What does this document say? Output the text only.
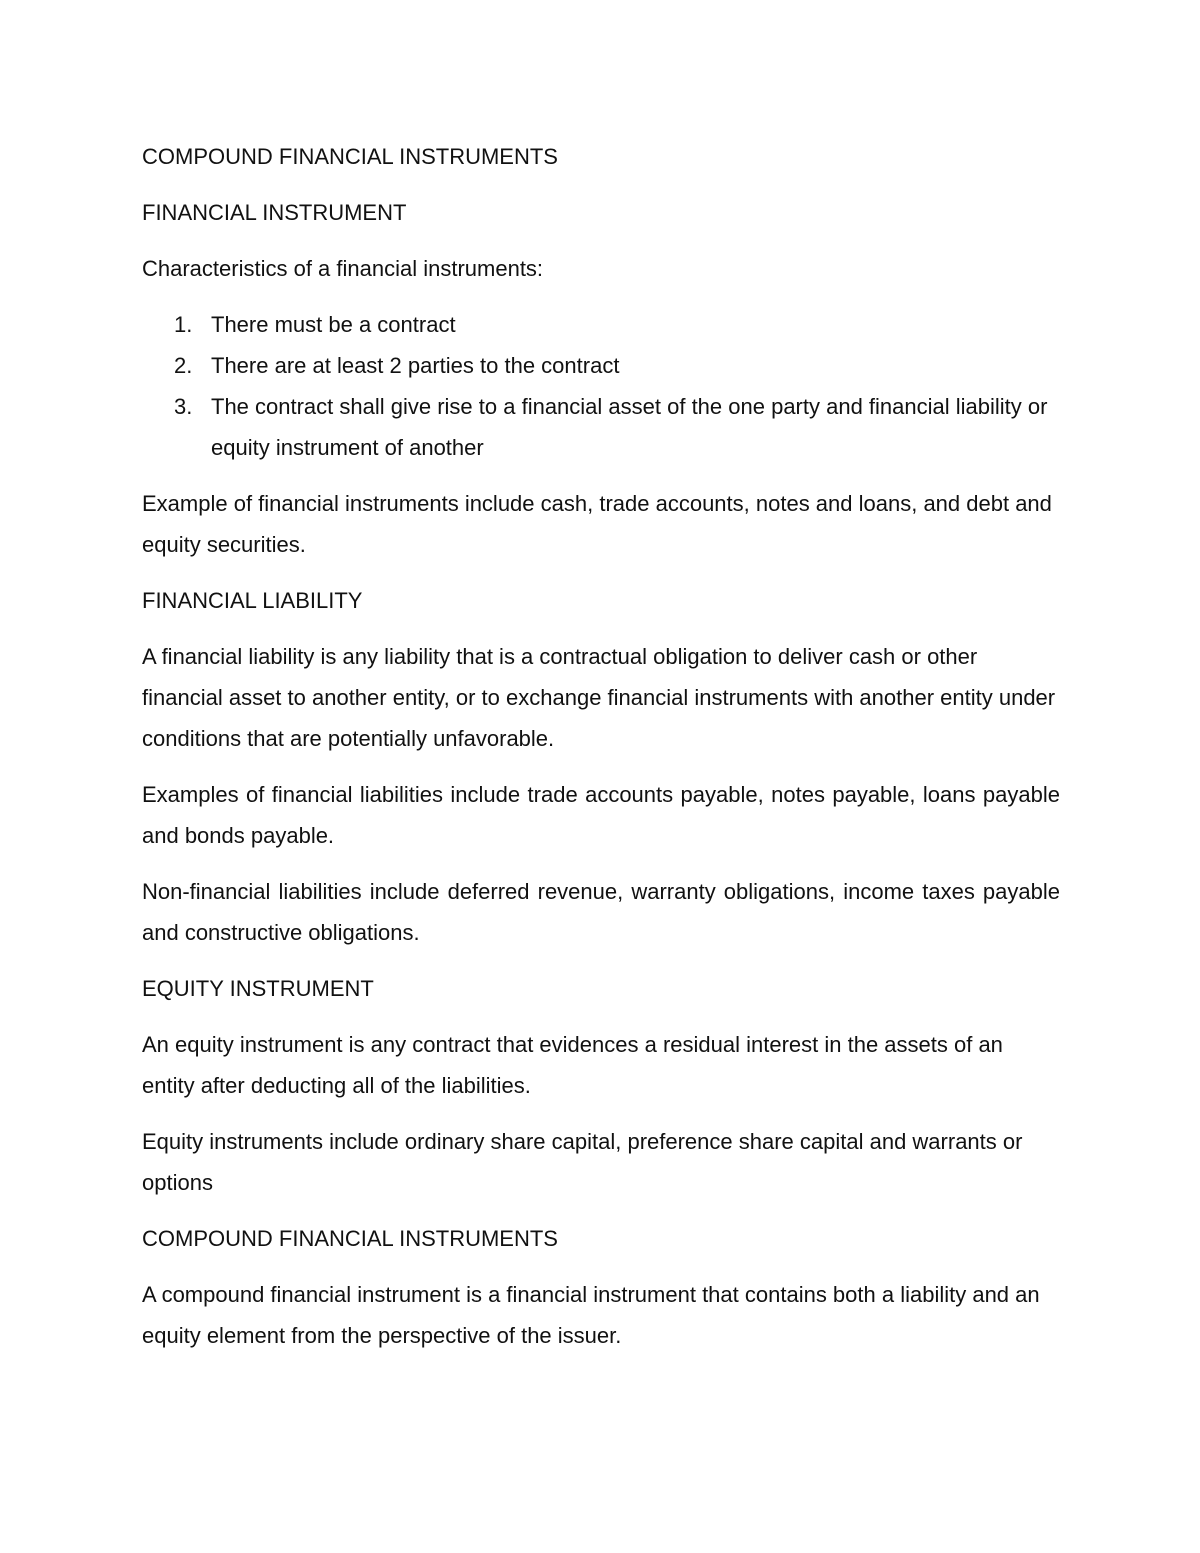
COMPOUND FINANCIAL INSTRUMENTS

FINANCIAL INSTRUMENT

Characteristics of a financial instruments:

1. There must be a contract
2. There are at least 2 parties to the contract
3. The contract shall give rise to a financial asset of the one party and financial liability or equity instrument of another

Example of financial instruments include cash, trade accounts, notes and loans, and debt and equity securities.

FINANCIAL LIABILITY

A financial liability is any liability that is a contractual obligation to deliver cash or other financial asset to another entity, or to exchange financial instruments with another entity under conditions that are potentially unfavorable.

Examples of financial liabilities include trade accounts payable, notes payable, loans payable and bonds payable.

Non-financial liabilities include deferred revenue, warranty obligations, income taxes payable and constructive obligations.

EQUITY INSTRUMENT

An equity instrument is any contract that evidences a residual interest in the assets of an entity after deducting all of the liabilities.

Equity instruments include ordinary share capital, preference share capital and warrants or options

COMPOUND FINANCIAL INSTRUMENTS

A compound financial instrument is a financial instrument that contains both a liability and an equity element from the perspective of the issuer.
